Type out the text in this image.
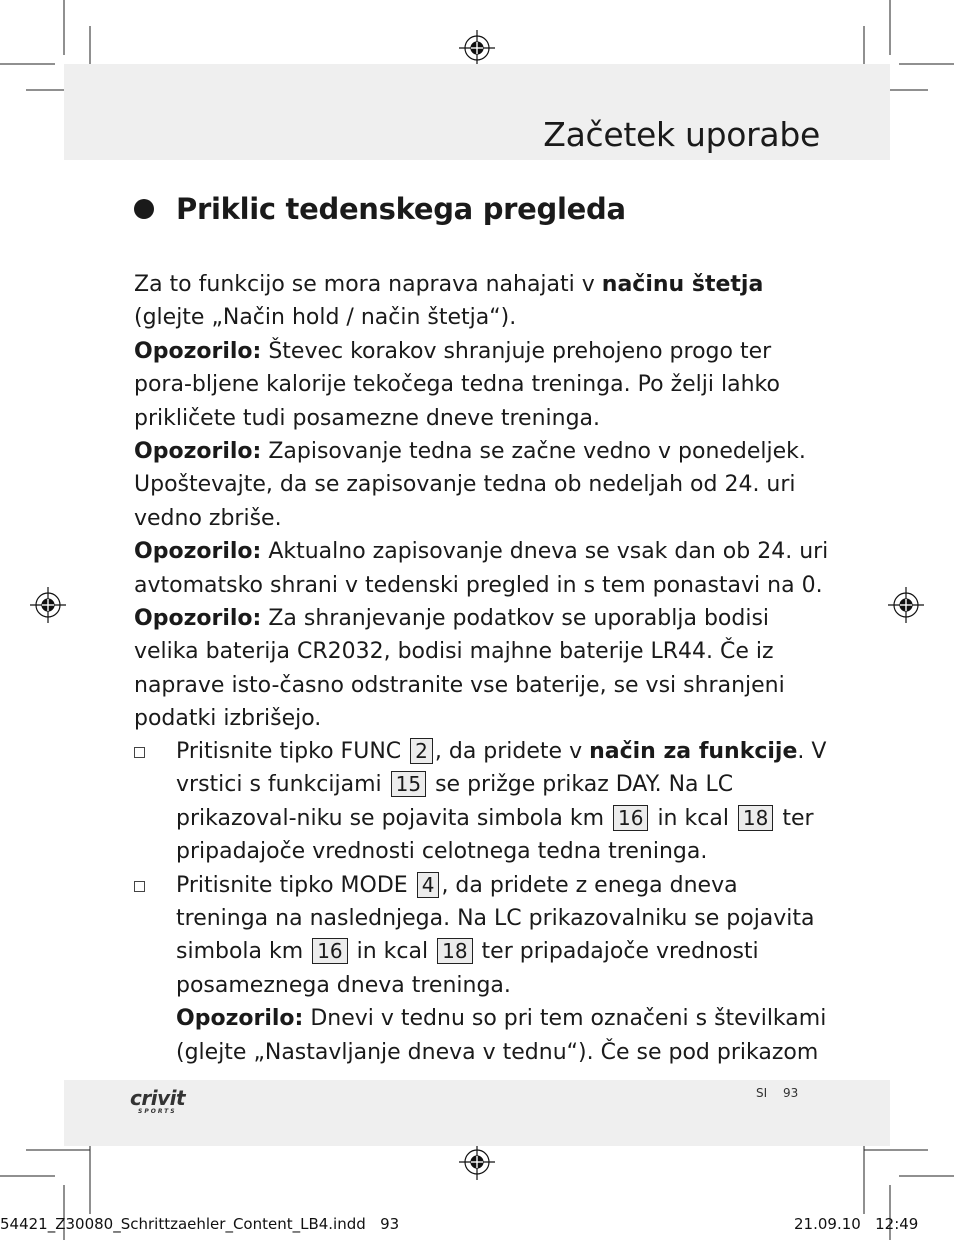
Začetek uporabe
Priklic tedenskega pregleda

Za to funkcijo se mora naprava nahajati v načinu štetja (glejte „Način hold / način štetja“).

Opozorilo: Števec korakov shranjuje prehojeno progo ter pora-bljene kalorije tekočega tedna treninga. Po želji lahko prikličete tudi posamezne dneve treninga.

Opozorilo: Zapisovanje tedna se začne vedno v ponedeljek. Upoštevajte, da se zapisovanje tedna ob nedeljah od 24. uri vedno zbriše.

Opozorilo: Aktualno zapisovanje dneva se vsak dan ob 24. uri avtomatsko shrani v tedenski pregled in s tem ponastavi na 0.

Opozorilo: Za shranjevanje podatkov se uporablja bodisi velika baterija CR2032, bodisi majhne baterije LR44. Če iz naprave isto-časno odstranite vse baterije, se vsi shranjeni podatki izbrišejo.

Pritisnite tipko FUNC 2 , da pridete v način za funkcije. V vrstici s funkcijami 15 se prižge prikaz DAY. Na LC prikazoval-niku se pojavita simbola km 16 in kcal 18 ter pripadajoče vrednosti celotnega tedna treninga.
Pritisnite tipko MODE 4 , da pridete z enega dneva treninga na naslednjega. Na LC prikazovalniku se pojavita simbola km 16 in kcal 18 ter pripadajoče vrednosti posameznega dneva treninga.
Opozorilo: Dnevi v tednu so pri tem označeni s številkami (glejte „Nastavljanje dneva v tednu“). Če se pod prikazom
crivit
SPORTS
SI 93
54421_Z30080_Schrittzaehler_Content_LB4.indd   93	21.09.10   12:49
